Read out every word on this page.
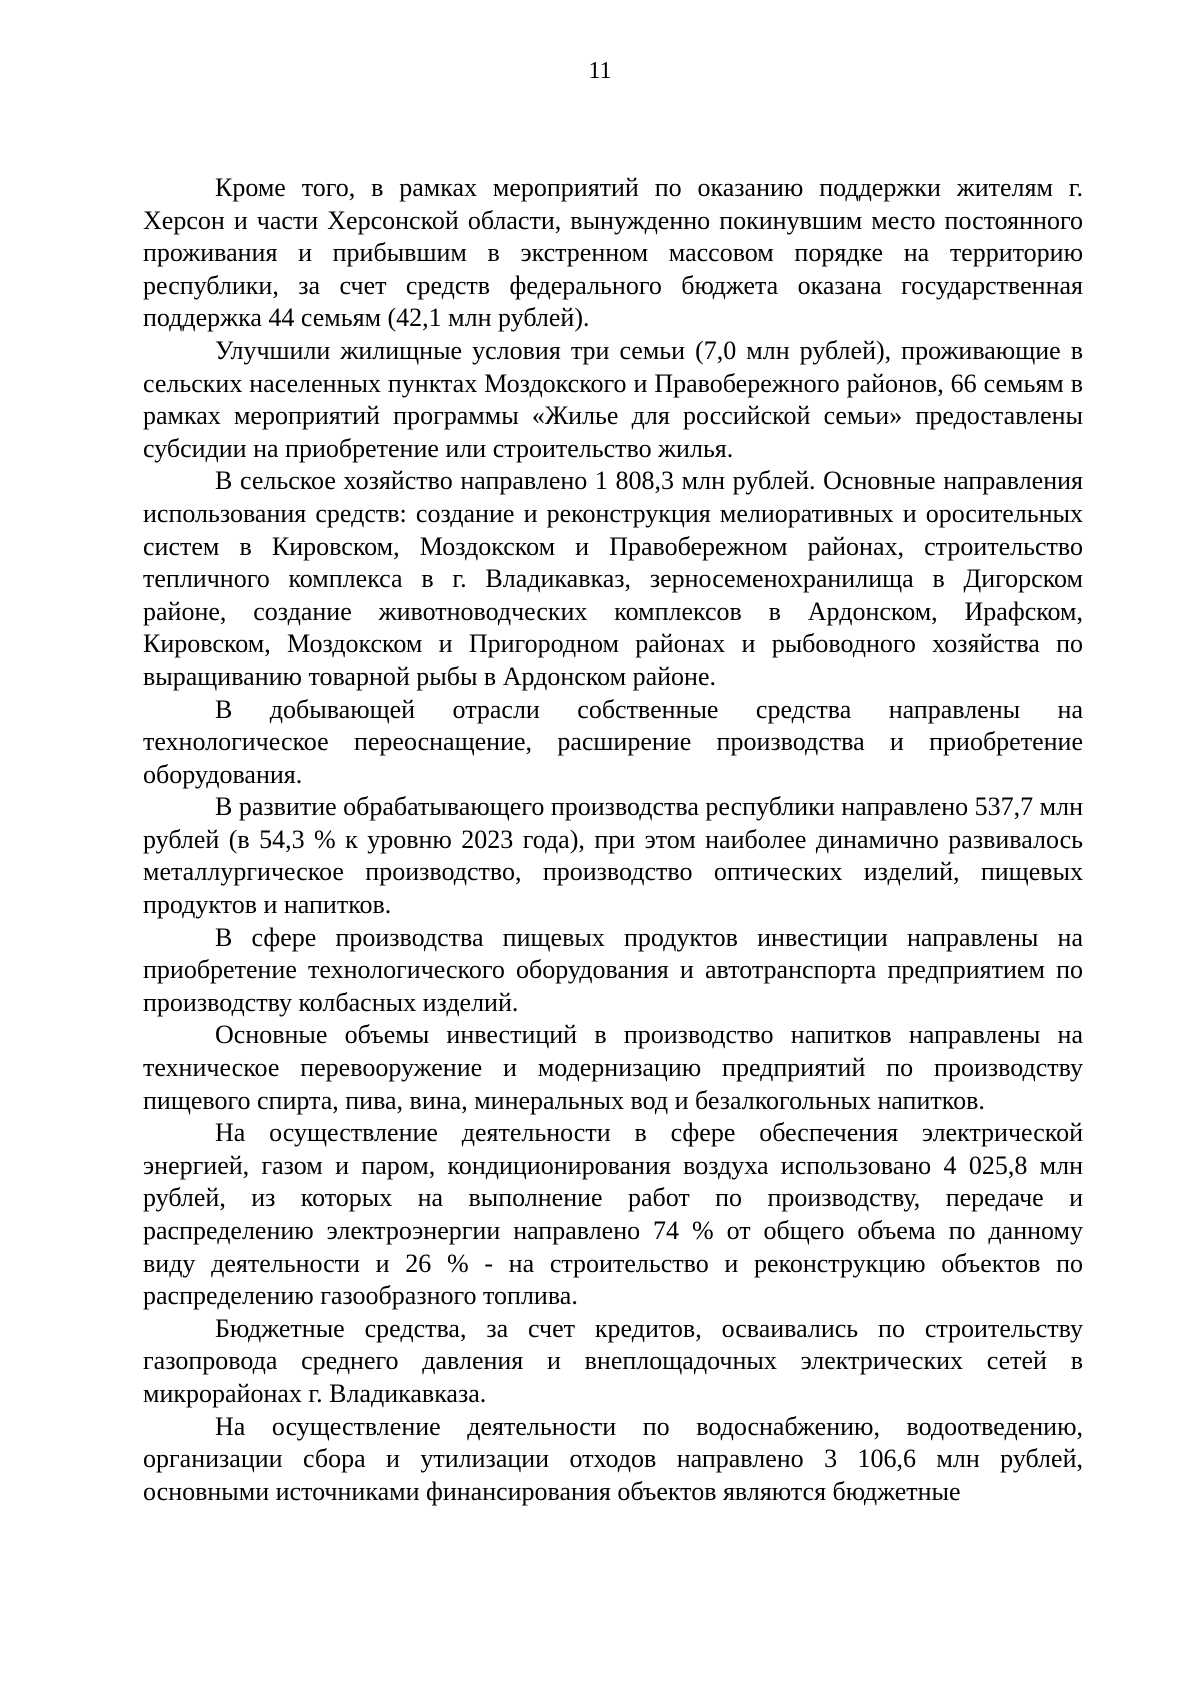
11

Кроме того, в рамках мероприятий по оказанию поддержки жителям г. Херсон и части Херсонской области, вынужденно покинувшим место постоянного проживания и прибывшим в экстренном массовом порядке на территорию республики, за счет средств федерального бюджета оказана государственная поддержка 44 семьям (42,1 млн рублей).

Улучшили жилищные условия три семьи (7,0 млн рублей), проживающие в сельских населенных пунктах Моздокского и Правобережного районов, 66 семьям в рамках мероприятий программы «Жилье для российской семьи» предоставлены субсидии на приобретение или строительство жилья.

В сельское хозяйство направлено 1 808,3 млн рублей. Основные направления использования средств: создание и реконструкция мелиоративных и оросительных систем в Кировском, Моздокском и Правобережном районах, строительство тепличного комплекса в г. Владикавказ, зерносеменохранилища в Дигорском районе, создание животноводческих комплексов в Ардонском, Ирафском, Кировском, Моздокском и Пригородном районах и рыбоводного хозяйства по выращиванию товарной рыбы в Ардонском районе.

В добывающей отрасли собственные средства направлены на технологическое переоснащение, расширение производства и приобретение оборудования.

В развитие обрабатывающего производства республики направлено 537,7 млн рублей (в 54,3 % к уровню 2023 года), при этом наиболее динамично развивалось металлургическое производство, производство оптических изделий, пищевых продуктов и напитков.

В сфере производства пищевых продуктов инвестиции направлены на приобретение технологического оборудования и автотранспорта предприятием по производству колбасных изделий.

Основные объемы инвестиций в производство напитков направлены на техническое перевооружение и модернизацию предприятий по производству пищевого спирта, пива, вина, минеральных вод и безалкогольных напитков.

На осуществление деятельности в сфере обеспечения электрической энергией, газом и паром, кондиционирования воздуха использовано 4 025,8 млн рублей, из которых на выполнение работ по производству, передаче и распределению электроэнергии направлено 74 % от общего объема по данному виду деятельности и 26 % - на строительство и реконструкцию объектов по распределению газообразного топлива.

Бюджетные средства, за счет кредитов, осваивались по строительству газопровода среднего давления и внеплощадочных электрических сетей в микрорайонах г. Владикавказа.

На осуществление деятельности по водоснабжению, водоотведению, организации сбора и утилизации отходов направлено 3 106,6 млн рублей, основными источниками финансирования объектов являются бюджетные
